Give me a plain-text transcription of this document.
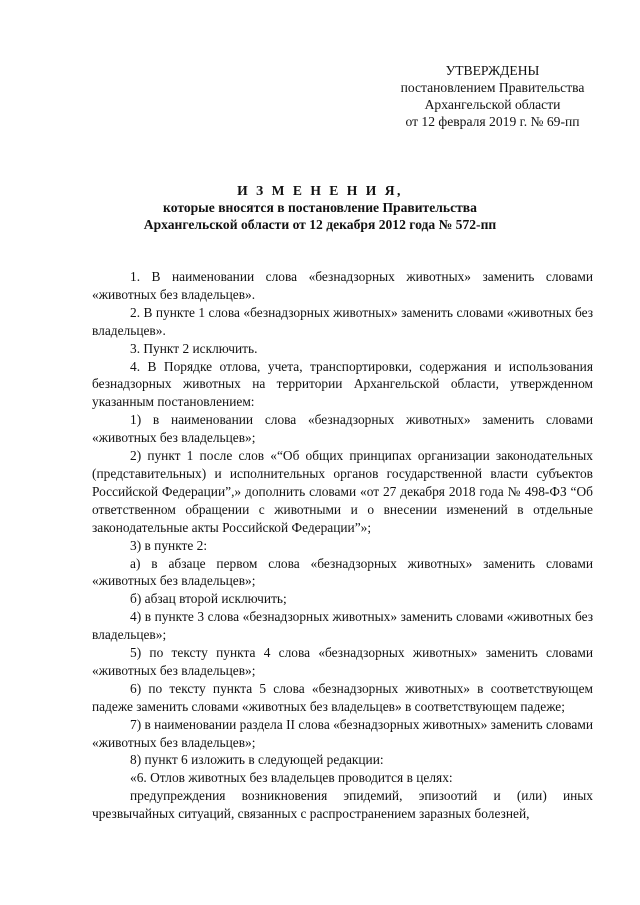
УТВЕРЖДЕНЫ
постановлением Правительства
Архангельской области
от 12 февраля 2019 г. № 69-пп
И З М Е Н Е Н И Я,
которые вносятся в постановление Правительства
Архангельской области от 12 декабря 2012 года № 572-пп

1. В наименовании слова «безнадзорных животных» заменить словами «животных без владельцев».

2. В пункте 1 слова «безнадзорных животных» заменить словами «животных без владельцев».

3. Пункт 2 исключить.

4. В Порядке отлова, учета, транспортировки, содержания и использования безнадзорных животных на территории Архангельской области, утвержденном указанным постановлением:

1) в наименовании слова «безнадзорных животных» заменить словами «животных без владельцев»;

2) пункт 1 после слов «“Об общих принципах организации законодательных (представительных) и исполнительных органов государственной власти субъектов Российской Федерации”,» дополнить словами «от 27 декабря 2018 года № 498-ФЗ “Об ответственном обращении с животными и о внесении изменений в отдельные законодательные акты Российской Федерации”»;

3) в пункте 2:

а) в абзаце первом слова «безнадзорных животных» заменить словами «животных без владельцев»;

б) абзац второй исключить;

4) в пункте 3 слова «безнадзорных животных» заменить словами «животных без владельцев»;

5) по тексту пункта 4 слова «безнадзорных животных» заменить словами «животных без владельцев»;

6) по тексту пункта 5 слова «безнадзорных животных» в соответствующем падеже заменить словами «животных без владельцев» в соответствующем падеже;

7) в наименовании раздела II слова «безнадзорных животных» заменить словами «животных без владельцев»;

8) пункт 6 изложить в следующей редакции:

«6. Отлов животных без владельцев проводится в целях:

предупреждения возникновения эпидемий, эпизоотий и (или) иных чрезвычайных ситуаций, связанных с распространением заразных болезней,
